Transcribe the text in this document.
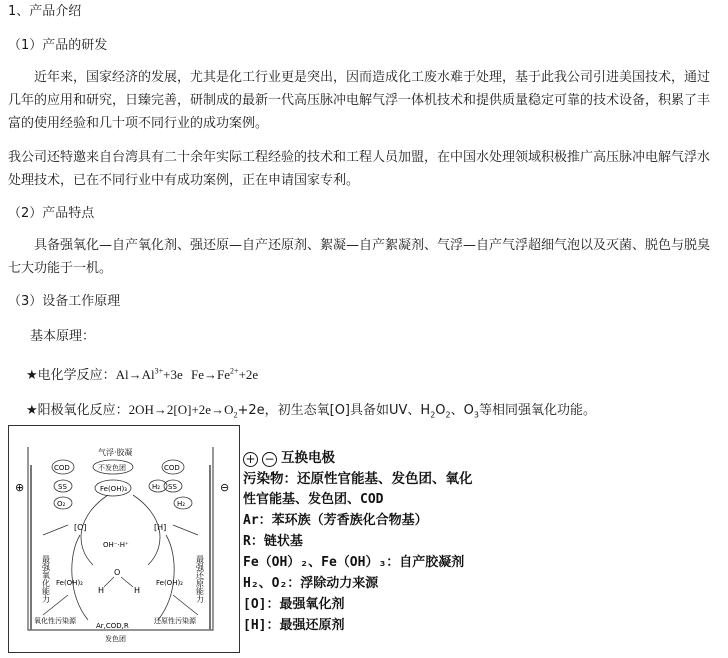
1、产品介绍
（1）产品的研发
近年来，国家经济的发展，尤其是化工行业更是突出，因而造成化工废水难于处理，基于此我公司引进美国技术，通过几年的应用和研究，日臻完善，研制成的最新一代高压脉冲电解气浮一体机技术和提供质量稳定可靠的技术设备，积累了丰富的使用经验和几十项不同行业的成功案例。
我公司还特邀来自台湾具有二十余年实际工程经验的技术和工程人员加盟，在中国水处理领域积极推广高压脉冲电解气浮水处理技术，已在不同行业中有成功案例，正在申请国家专利。
（2）产品特点
具备强氧化—自产氧化剂、强还原—自产还原剂、絮凝—自产絮凝剂、气浮—自产气浮超细气泡以及灭菌、脱色与脱臭七大功能于一机。
（3）设备工作原理
基本原理：
★电化学反应：$Al\to Al^{3+}+3e$ $Fe\to Fe^{2+}+2e$
★阳极氧化反应：$2OH\to 2[O]+2e\to O_2+2e$，初生态氧[O]具备如UV、$H_2O_2$、$O_3$等相同强氧化功能。
⊕	⊖
气浮·胶凝
不发色团
COD
SS
O₂
Fe(OH)₃	H₂
COD
H₂
SS
[O]	[H]
OH⁻·H⁺
O
H	H
最强氧化能力	最强还原能力
Fe(OH)₂	Fe(OH)₂
氧化性污染源
Ar,COD,R
发色团
还原性污染源
+ − 互换电极
污染物：还原性官能基、发色团、氧化
性官能基、发色团、COD
Ar：苯环族（芳香族化合物基）
R：链状基
Fe（OH）₂、Fe（OH）₃：自产胶凝剂
H₂、O₂：浮除动力来源
[O]：最强氧化剂
[H]：最强还原剂
